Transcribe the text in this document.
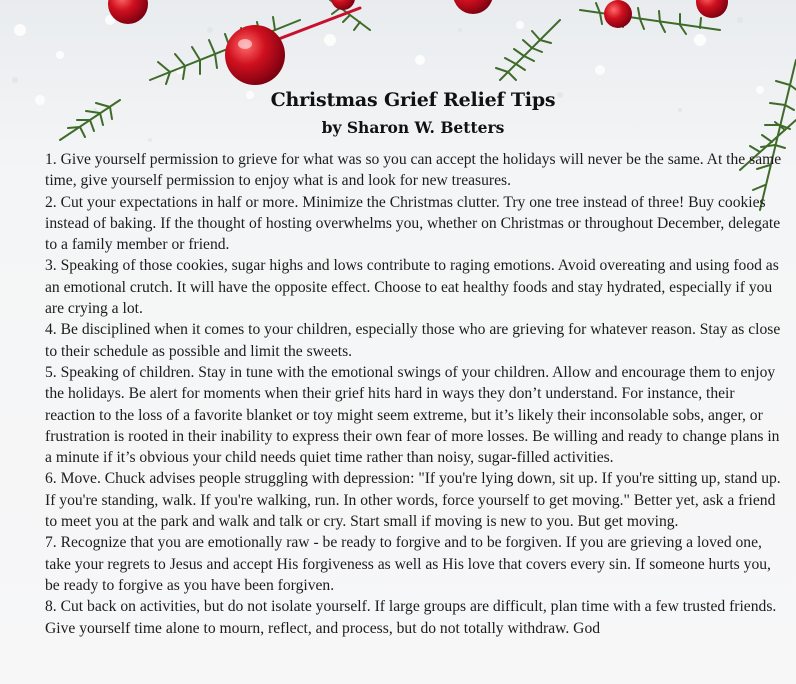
Christmas Grief Relief Tips
by Sharon W. Betters
1. Give yourself permission to grieve for what was so you can accept the holidays will never be the same. At the same time, give yourself permission to enjoy what is and look for new treasures.
2. Cut your expectations in half or more. Minimize the Christmas clutter. Try one tree instead of three! Buy cookies instead of baking. If the thought of hosting overwhelms you, whether on Christmas or throughout December, delegate to a family member or friend.
3. Speaking of those cookies, sugar highs and lows contribute to raging emotions. Avoid overeating and using food as an emotional crutch. It will have the opposite effect. Choose to eat healthy foods and stay hydrated, especially if you are crying a lot.
4. Be disciplined when it comes to your children, especially those who are grieving for whatever reason. Stay as close to their schedule as possible and limit the sweets.
5. Speaking of children. Stay in tune with the emotional swings of your children. Allow and encourage them to enjoy the holidays. Be alert for moments when their grief hits hard in ways they don’t understand. For instance, their reaction to the loss of a favorite blanket or toy might seem extreme, but it’s likely their inconsolable sobs, anger, or frustration is rooted in their inability to express their own fear of more losses. Be willing and ready to change plans in a minute if it’s obvious your child needs quiet time rather than noisy, sugar-filled activities.
6. Move. Chuck advises people struggling with depression: "If you're lying down, sit up. If you're sitting up, stand up. If you're standing, walk. If you're walking, run. In other words, force yourself to get moving." Better yet, ask a friend to meet you at the park and walk and talk or cry. Start small if moving is new to you. But get moving.
7. Recognize that you are emotionally raw - be ready to forgive and to be forgiven. If you are grieving a loved one, take your regrets to Jesus and accept His forgiveness as well as His love that covers every sin. If someone hurts you, be ready to forgive as you have been forgiven.
8. Cut back on activities, but do not isolate yourself. If large groups are difficult, plan time with a few trusted friends. Give yourself time alone to mourn, reflect, and process, but do not totally withdraw. God
